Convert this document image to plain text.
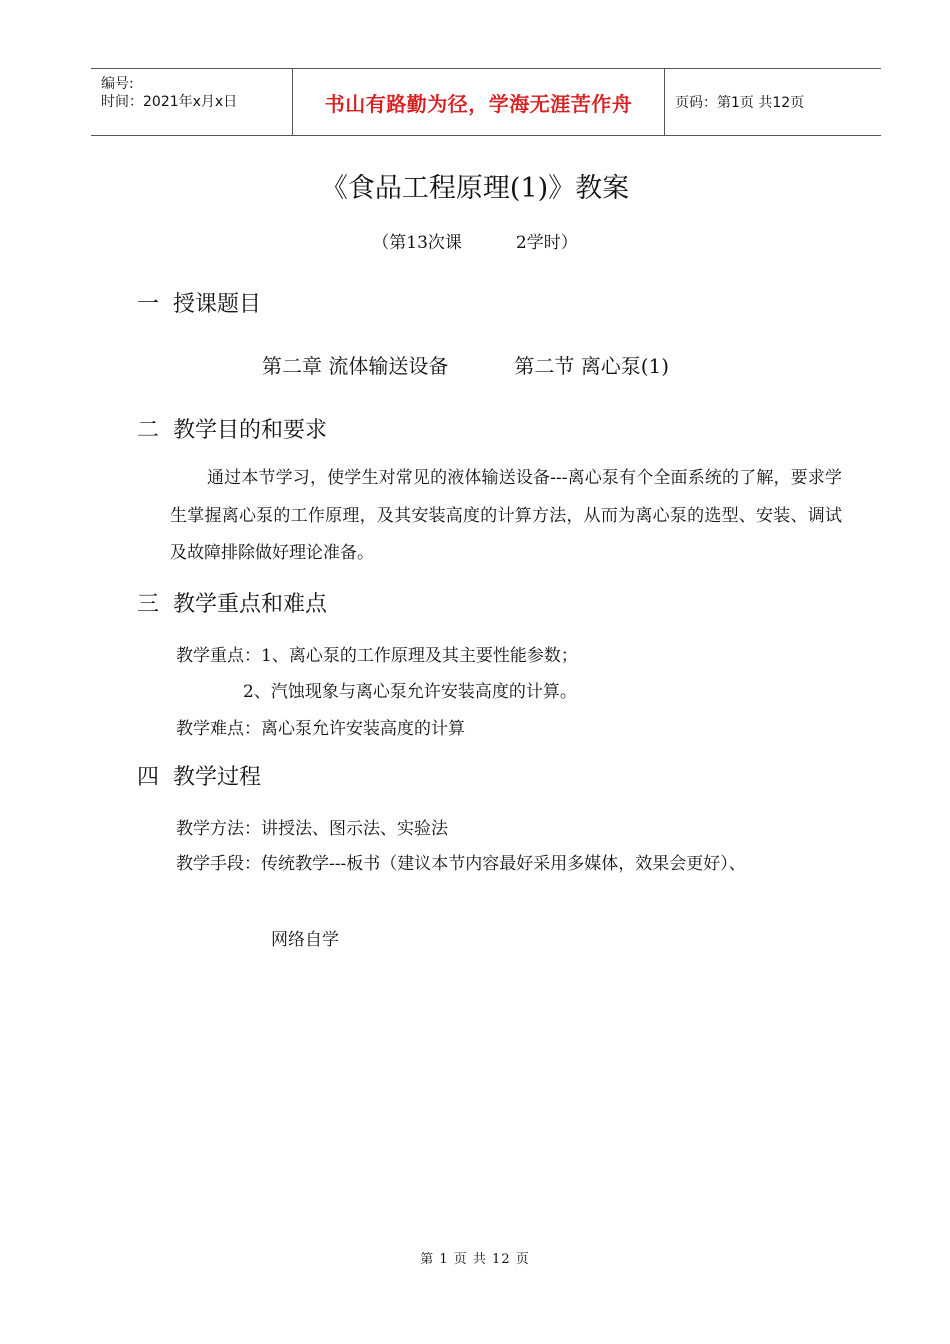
编号:
时间：2021年x月x日	书山有路勤为径，学海无涯苦作舟	页码：第1页 共12页
《食品工程原理(1)》教案
（第13次课	2学时）
一 授课题目
第二章 流体输送设备	第二节 离心泵(1)
二 教学目的和要求

通过本节学习，使学生对常见的液体输送设备---离心泵有个全面系统的了解，要求学生掌握离心泵的工作原理，及其安装高度的计算方法，从而为离心泵的选型、安装、调试及故障排除做好理论准备。

三 教学重点和难点
教学重点：1、离心泵的工作原理及其主要性能参数；
2、汽蚀现象与离心泵允许安装高度的计算。
教学难点：离心泵允许安装高度的计算
四 教学过程
教学方法：讲授法、图示法、实验法
教学手段：传统教学---板书（建议本节内容最好采用多媒体，效果会更好）、
网络自学
第 1 页 共 12 页
